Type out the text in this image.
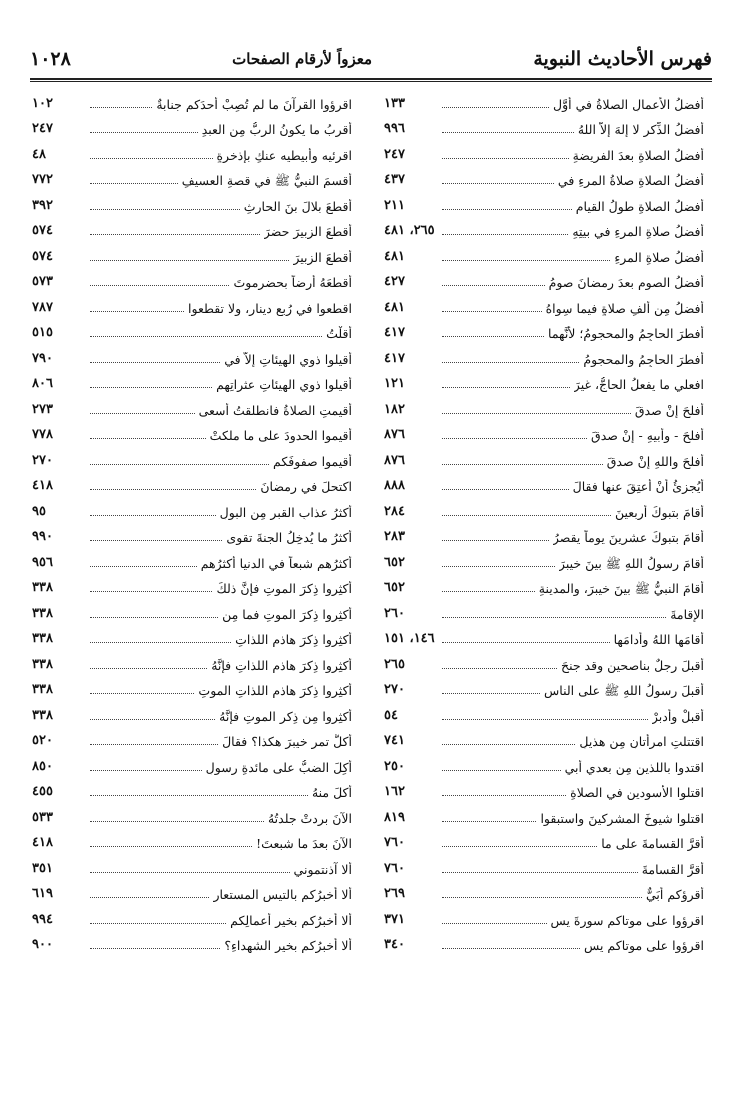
فهرس الأحاديث النبوية
معزواً لأرقام الصفحات
١٠٢٨
أفضلُ الأعمالِ الصلاةُ في أوَّلِ
١٣٣
أفضلُ الذِّكرِ لا إلهَ إلاَّ اللهُ
٩٩٦
أفضلُ الصلاةِ بعدَ الفريضةِ
٢٤٧
أفضلُ الصلاةِ صلاةُ المرءِ في
٤٣٧
أفضلُ الصلاةِ طولُ القيامِ
٢١١
أفضلُ صلاةِ المرءِ في بيتِهِ
٢٦٥، ٤٨١
أفضلُ صلاةِ المرءِ
٤٨١
أفضلُ الصومِ بعدَ رمضانَ صومُ
٤٢٧
أفضلُ مِن ألفِ صلاةٍ فيما سِواهُ
٤٨١
أفطرَ الحاجِمُ والمحجومُ؛ لأنَّهما
٤١٧
أفطرَ الحاجِمُ والمحجومُ
٤١٧
افعلي ما يفعلُ الحاجُّ، غيرَ
١٢١
أفلحَ إنْ صدقَ
١٨٢
أفلحَ - وأبيهِ - إنْ صدقَ
٨٧٦
أفلحَ واللهِ إنْ صدقَ
٨٧٦
أَيُجزِئُ أنْ أُعتِقَ عنها فقالَ
٨٨٨
أقامَ بتبوكَ أربعينَ
٢٨٤
أقامَ بتبوكَ عشرينَ يوماً يقصرُ
٢٨٣
أقامَ رسولُ اللهِ ﷺ بينَ خيبرَ
٦٥٢
أقامَ النبيُّ ﷺ بينَ خيبرَ، والمدينةِ
٦٥٢
الإقامةَ
٢٦٠
أقامَها اللهُ وأدامَها
١٤٦، ١٥١
أقبلَ رجلٌ بناصحينِ وقد جنحَ
٢٦٥
أقبلَ رسولُ اللهِ ﷺ على الناسِ
٢٧٠
أقبلْ وأدبرْ
٥٤
اقتتلتِ امرأتانِ مِن هذيلٍ
٧٤١
اقتدوا باللذينِ مِن بعدي أبي
٢٥٠
اقتلوا الأسودينِ في الصلاةِ
١٦٢
اقتلوا شيوخَ المشركينَ واستبقوا
٨١٩
أقرَّ القسامةَ على ما
٧٦٠
أقرَّ القسامةَ
٧٦٠
أقرؤكم أُبَيٌّ
٢٦٩
اقرؤوا على موتاكم سورةَ يس
٣٧١
اقرؤوا على موتاكم يس
٣٤٠
اقرؤوا القرآنَ ما لم تُصِبْ أحدَكم جنابةٌ
١٠٢
أقربُ ما يكونُ الربُّ مِن العبدِ
٢٤٧
اقرئيه وأبيطيه عنكِ بإذخرةٍ
٤٨
أقسمَ النبيُّ ﷺ في قصةِ العسيفِ
٧٧٢
أقطعَ بلالَ بنَ الحارثِ
٣٩٢
أقطعَ الزبيرَ حضرَ
٥٧٤
أقطعَ الزبيرَ
٥٧٤
أقطعَهُ أرضاً بحضرموتَ
٥٧٣
اقطعوا في رُبعِ دينارٍ، ولا تقطعوا
٧٨٧
أقلْتُ
٥١٥
أقيلوا ذوي الهيئاتِ إلاَّ في
٧٩٠
أقيلوا ذوي الهيئاتِ عثراتِهم
٨٠٦
أقيمتِ الصلاةُ فانطلقتُ أسعى
٢٧٣
أقيموا الحدودَ على ما ملكتْ
٧٧٨
أقيموا صفوفَكم
٢٧٠
اكتحلَ في رمضانَ
٤١٨
أكثرُ عذابِ القبرِ مِن البولِ
٩٥
أكثرُ ما يُدخِلُ الجنةَ تقوى
٩٩٠
أكثرُهم شبعاً في الدنيا أكثرُهم
٩٥٦
أكثِروا ذِكرَ الموتِ فإنَّ ذلكَ
٣٣٨
أكثِروا ذِكرَ الموتِ فما مِن
٣٣٨
أكثِروا ذِكرَ هاذمِ اللذاتِ
٣٣٨
أكثِروا ذِكرَ هاذمِ اللذاتِ فإنَّهُ
٣٣٨
أكثِروا ذِكرَ هاذمِ اللذاتِ الموتِ
٣٣٨
أكثِروا مِن ذِكرِ الموتِ فإنَّهُ
٣٣٨
أكلُّ تمرِ خيبرَ هكذا؟ فقالَ
٥٢٠
أُكِلَ الضبُّ على مائدةِ رسولِ
٨٥٠
أكلَ منهُ
٤٥٥
الآنَ بردتْ جلدتُهُ
٥٣٣
الآنَ بعدَ ما شبعتَ!
٤١٨
ألا آذنتموني
٣٥١
ألا أخبرُكم بالتيسِ المستعارِ
٦١٩
ألا أخبرُكم بخيرِ أعمالِكم
٩٩٤
ألا أخبرُكم بخيرِ الشهداءِ؟
٩٠٠
